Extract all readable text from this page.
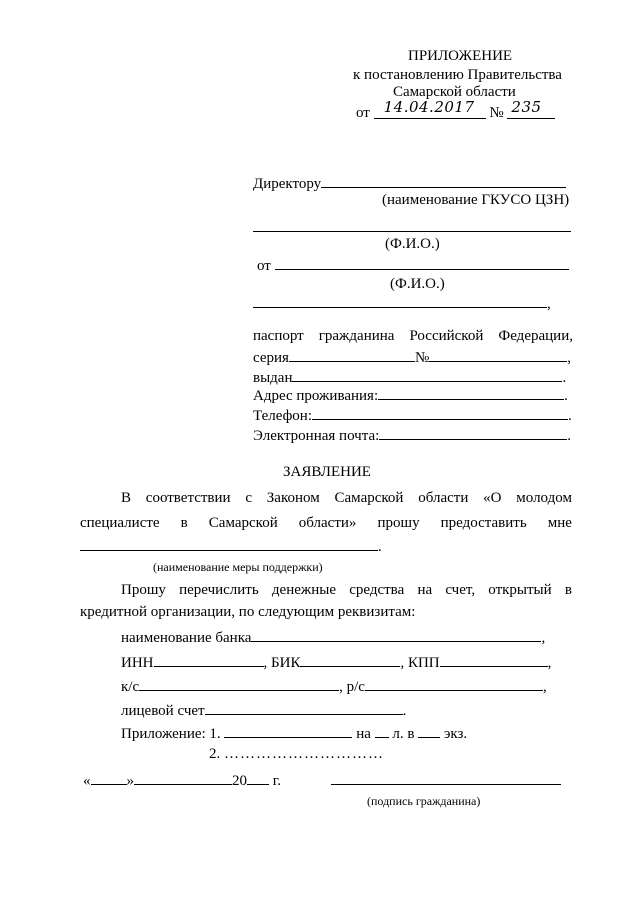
ПРИЛОЖЕНИЕ
к постановлению Правительства
Самарской области
от 14.04.2017 № 235
Директору
(наименование ГКУСО ЦЗН)
(Ф.И.О.)
от
(Ф.И.О.)
,
паспорт гражданина Российской Федерации,
серия	№	,
выдан	.
Адрес проживания:	.
Телефон:	.
Электронная почта:	.
ЗАЯВЛЕНИЕ
В соответствии с Законом Самарской области «О молодом
специалисте в Самарской области» прошу предоставить мне
.
(наименование меры поддержки)
Прошу перечислить денежные средства на счет, открытый в
кредитной организации, по следующим реквизитам:
наименование банка	,
ИНН	, БИК	, КПП	,
к/с	, р/с	,
лицевой счет	.
Приложение: 1.	на л. в экз.
2. …………………………
« »	20 г.
(подпись гражданина)
